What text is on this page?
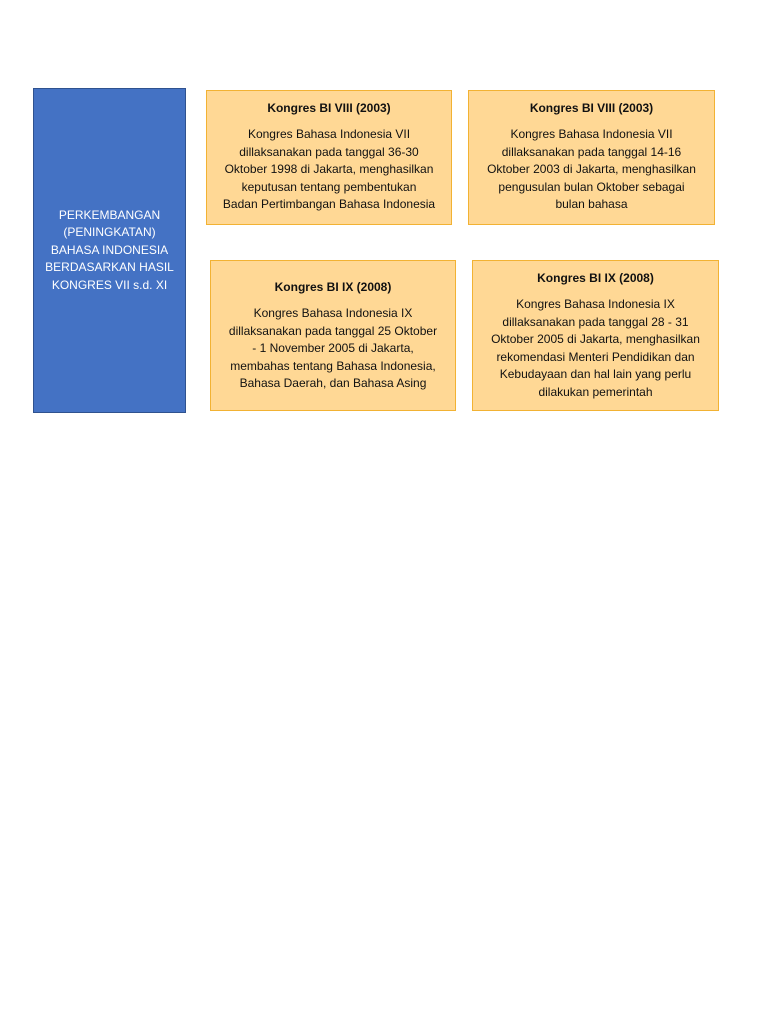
PERKEMBANGAN
(PENINGKATAN)
BAHASA INDONESIA
BERDASARKAN HASIL
KONGRES VII s.d. XI
Kongres BI VIII (2003)
Kongres Bahasa Indonesia VII
dillaksanakan pada tanggal 36-30
Oktober 1998 di Jakarta, menghasilkan
keputusan tentang pembentukan
Badan Pertimbangan Bahasa Indonesia
Kongres BI VIII (2003)
Kongres Bahasa Indonesia VII
dillaksanakan pada tanggal 14-16
Oktober 2003 di Jakarta, menghasilkan
pengusulan bulan Oktober sebagai
bulan bahasa
Kongres BI IX (2008)
Kongres Bahasa Indonesia IX
dillaksanakan pada tanggal 25 Oktober
- 1 November 2005 di Jakarta,
membahas tentang Bahasa Indonesia,
Bahasa Daerah, dan Bahasa Asing
Kongres BI IX (2008)
Kongres Bahasa Indonesia IX
dillaksanakan pada tanggal 28 - 31
Oktober 2005 di Jakarta, menghasilkan
rekomendasi Menteri Pendidikan dan
Kebudayaan dan hal lain yang perlu
dilakukan pemerintah
